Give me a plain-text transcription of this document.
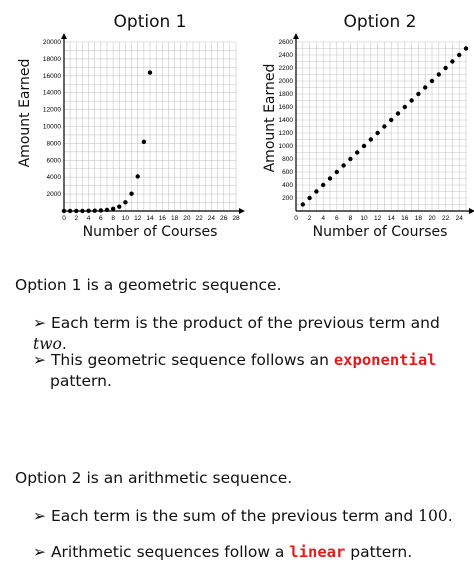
Option 1	Option 2
Amount Earned	Amount Earned
Number of Courses	Number of Courses
0 2 4 6 8 10 12 14 16 18 20 22 24 26 28
20000
18000
16000
14000
12000
10000
8000
6000
4000
2000
0 2 4 6 8 10 12 14 16 18 20 22 24
2600
2400
2200
2000
1800
1600
1400
1200
1000
800
600
400
200
Option 1 is a geometric sequence.
➢ Each term is the product of the previous term and two.
➢ This geometric sequence follows an exponential
pattern.
Option 2 is an arithmetic sequence.
➢ Each term is the sum of the previous term and 100.
➢ Arithmetic sequences follow a linear pattern.
